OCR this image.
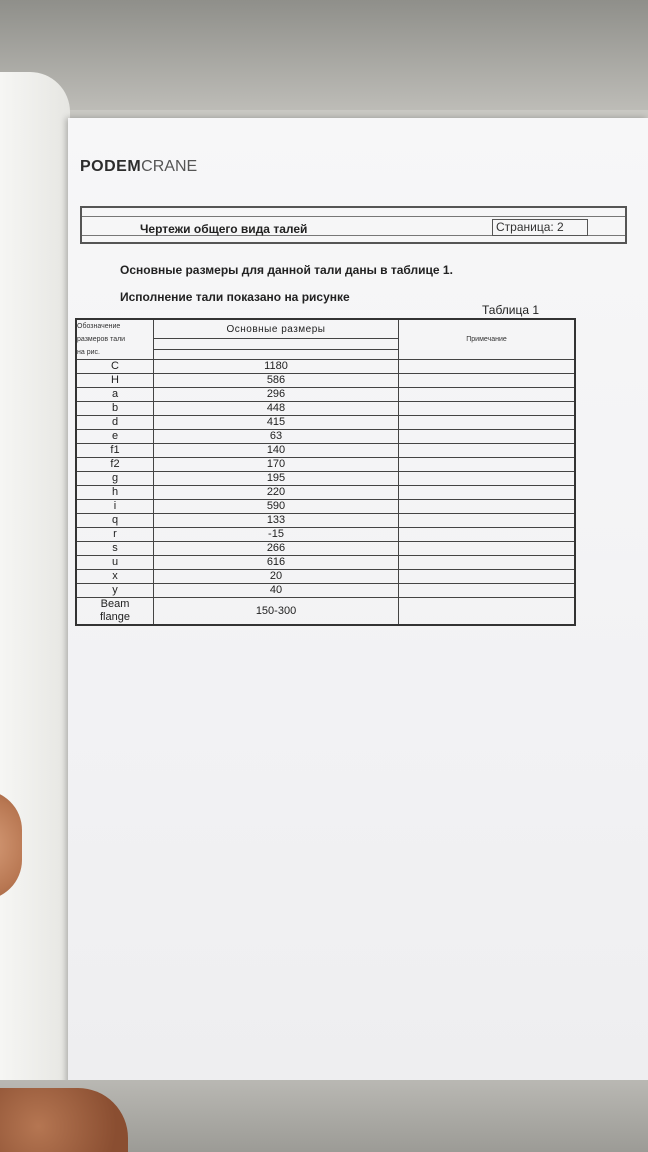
PODEMCRANE
Чертежи общего вида талей	Страница: 2
Основные размеры для данной тали даны в таблице 1.
Исполнение тали показано на рисунке
Таблица 1
Обозначение
размеров тали
на рис.	Основные размеры	Примечание

C	1180	
H	586	
a	296	
b	448	
d	415	
e	63	
f1	140	
f2	170	
g	195	
h	220	
i	590	
q	133	
r	-15	
s	266	
u	616	
x	20	
y	40	

Beam
flange	150-300	
